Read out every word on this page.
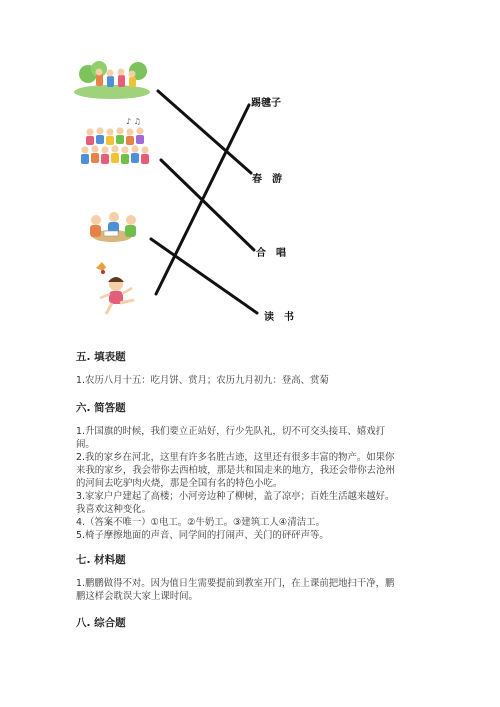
♪ ♫
踢毽子
春　游
合　唱
读　书
五. 填表题
1.农历八月十五：吃月饼、赏月；农历九月初九：登高、赏菊
六. 简答题
1.升国旗的时候，我们要立正站好，行少先队礼，切不可交头接耳、嬉戏打
闹。
2.我的家乡在河北，这里有许多名胜古迹，这里还有很多丰富的物产。如果你
来我的家乡，我会带你去西柏坡，那是共和国走来的地方，我还会带你去沧州
的河间去吃驴肉火烧，那是全国有名的特色小吃。
3.家家户户建起了高楼；小河旁边种了柳树，盖了凉亭；百姓生活越来越好。
我喜欢这种变化。
4.（答案不唯一）①电工。②牛奶工。③建筑工人④清洁工。
5.椅子摩擦地面的声音、同学间的打闹声、关门的砰砰声等。
七. 材料题
1.鹏鹏做得不对。因为值日生需要提前到教室开门，在上课前把地扫干净，鹏
鹏这样会耽误大家上课时间。
八. 综合题
